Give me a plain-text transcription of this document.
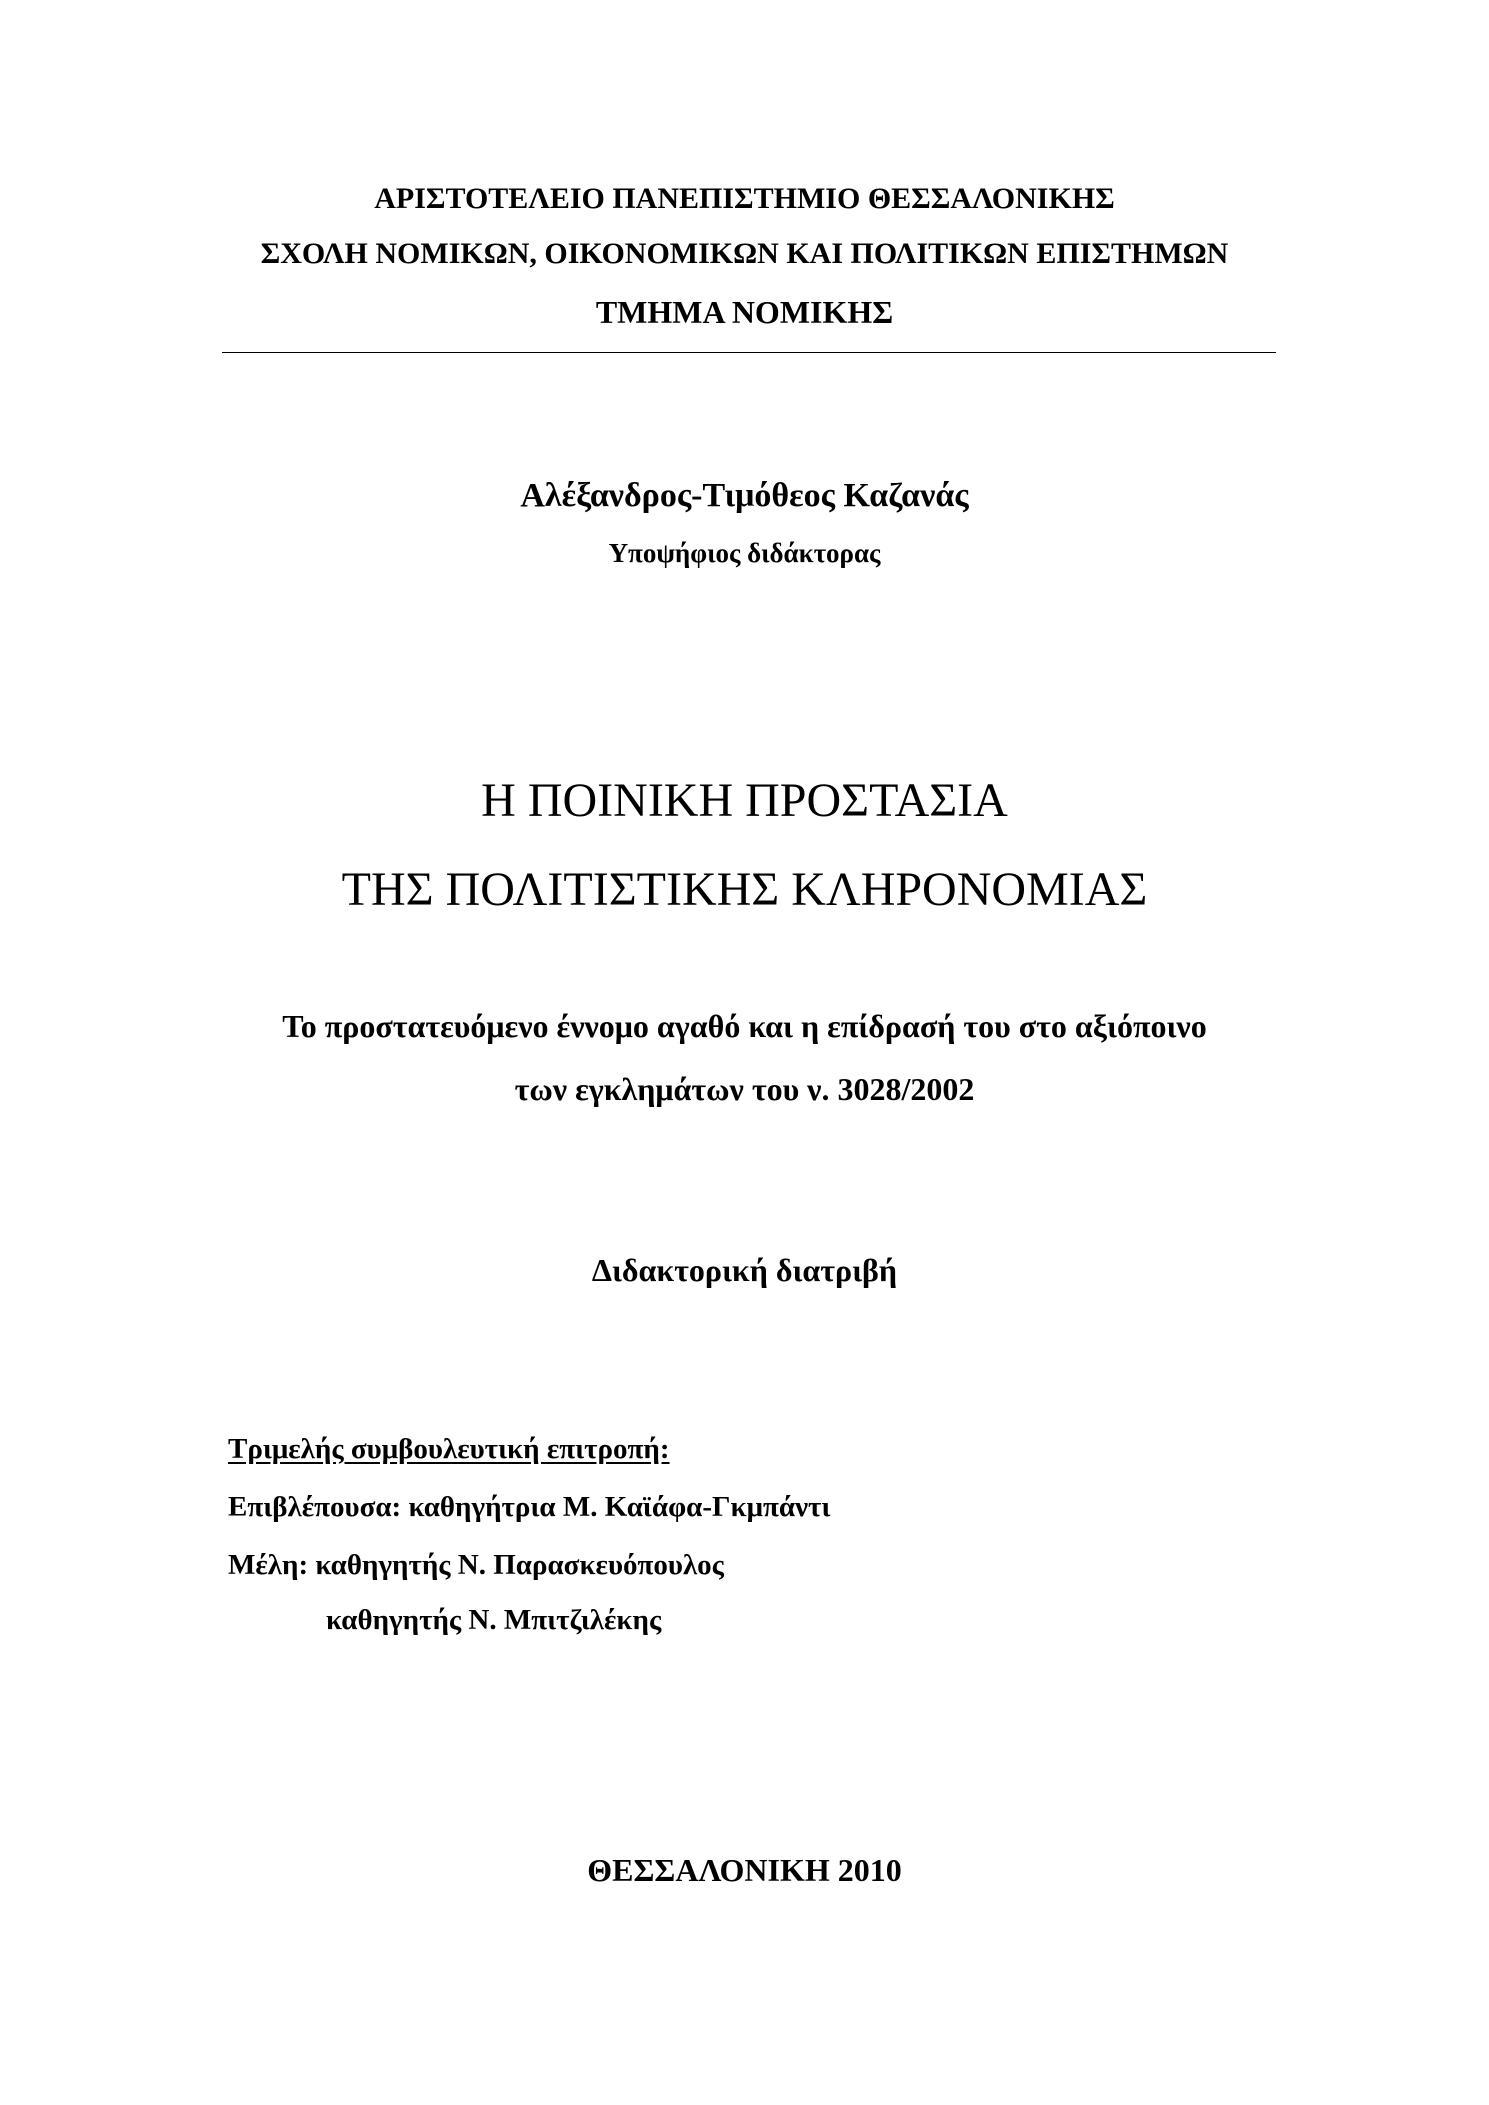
ΑΡΙΣΤΟΤΕΛΕΙΟ ΠΑΝΕΠΙΣΤΗΜΙΟ ΘΕΣΣΑΛΟΝΙΚΗΣ
ΣΧΟΛΗ ΝΟΜΙΚΩΝ, ΟΙΚΟΝΟΜΙΚΩΝ ΚΑΙ ΠΟΛΙΤΙΚΩΝ ΕΠΙΣΤΗΜΩΝ
ΤΜΗΜΑ ΝΟΜΙΚΗΣ
Αλέξανδρος-Τιμόθεος Καζανάς
Υποψήφιος διδάκτορας
Η ΠΟΙΝΙΚΗ ΠΡΟΣΤΑΣΙΑ
ΤΗΣ ΠΟΛΙΤΙΣΤΙΚΗΣ ΚΛΗΡΟΝΟΜΙΑΣ
Το προστατευόμενο έννομο αγαθό και η επίδρασή του στο αξιόποινο
των εγκλημάτων του ν. 3028/2002
Διδακτορική διατριβή
Τριμελής συμβουλευτική επιτροπή:
Επιβλέπουσα: καθηγήτρια Μ. Καϊάφα-Γκμπάντι
Μέλη: καθηγητής Ν. Παρασκευόπουλος
καθηγητής Ν. Μπιτζιλέκης
ΘΕΣΣΑΛΟΝΙΚΗ 2010
